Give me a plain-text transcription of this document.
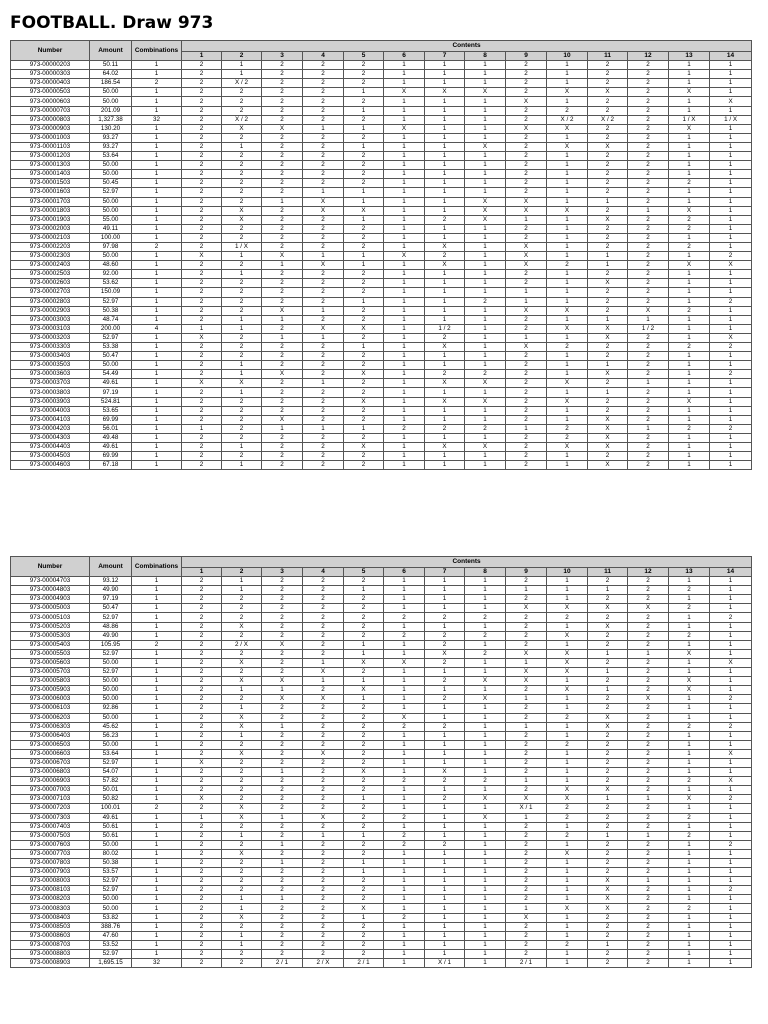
FOOTBALL. Draw 973
Number	Amount	Combinations	Contents													
			1	2	3	4	5	6	7	8	9	10	11	12	13	14
973-00000203	50.11	1	2	1	2	2	2	1	1	1	2	1	2	2	1	1
973-00000303	64.02	1	2	1	2	2	2	1	1	1	2	1	2	2	1	1
973-00000403	186.54	2	2	X / 2	2	2	2	1	1	1	2	1	2	2	1	1
973-00000503	50.00	1	2	2	2	2	1	X	X	X	2	X	X	2	X	1
973-00000603	50.00	1	2	2	2	2	2	1	1	1	X	1	2	2	1	X
973-00000703	201.09	1	2	2	2	2	1	1	1	1	2	2	2	2	1	1
973-00000803	1,327.38	32	2	X / 2	2	2	2	1	1	1	2	X / 2	X / 2	2	1 / X	1 / X
973-00000903	130.20	1	2	X	X	1	1	X	1	1	X	X	2	2	X	1
973-00001003	93.27	1	2	2	2	2	2	1	1	1	2	1	2	2	1	1
973-00001103	93.27	1	2	1	2	2	1	1	1	X	2	X	X	2	1	1
973-00001203	53.64	1	2	2	2	2	2	1	1	1	2	1	2	2	1	1
973-00001303	50.00	1	2	2	2	2	2	1	1	1	2	1	2	2	1	1
973-00001403	50.00	1	2	2	2	2	2	1	1	1	2	1	2	2	1	1
973-00001503	50.45	1	2	2	2	2	2	1	1	1	2	1	2	2	2	1
973-00001603	52.97	1	2	2	2	1	1	1	1	1	2	1	2	2	1	1
973-00001703	50.00	1	2	2	1	X	1	1	1	X	X	1	1	2	1	1
973-00001803	50.00	1	2	X	2	X	X	1	1	X	X	X	2	1	X	1
973-00001903	55.00	1	2	X	2	2	1	1	2	X	1	1	X	2	2	1
973-00002003	49.11	1	2	2	2	2	2	1	1	1	2	1	2	2	2	1
973-00002103	100.00	1	2	2	2	2	2	1	1	1	2	1	2	2	1	1
973-00002203	97.98	2	2	1 / X	2	2	2	1	X	1	X	1	2	2	2	1
973-00002303	50.00	1	X	1	X	1	1	X	2	1	X	1	1	2	1	2
973-00002403	48.60	1	2	2	1	X	1	1	X	1	X	2	1	2	X	X
973-00002503	92.00	1	2	1	2	2	2	1	1	1	2	1	2	2	1	1
973-00002603	53.62	1	2	2	2	2	2	1	1	1	2	1	X	2	1	1
973-00002703	150.09	1	2	2	2	2	2	1	1	1	1	1	2	2	1	1
973-00002803	52.97	1	2	2	2	2	1	1	1	2	1	1	2	2	1	2
973-00002903	50.38	1	2	2	X	1	2	1	1	1	X	X	2	X	2	1
973-00003003	48.74	1	2	1	1	2	2	1	1	1	2	1	1	1	1	1
973-00003103	200.00	4	1	1	2	X	X	1	1 / 2	1	2	X	X	1 / 2	1	1
973-00003203	52.97	1	X	2	1	1	2	1	2	1	1	1	X	2	1	X
973-00003303	53.38	1	2	2	2	2	1	1	X	1	X	2	2	2	2	2
973-00003403	50.47	1	2	2	2	2	2	1	1	1	2	1	2	2	1	1
973-00003503	50.00	1	2	1	2	2	2	1	1	1	2	1	1	2	1	1
973-00003603	54.49	1	2	1	X	2	X	1	2	2	2	1	X	2	1	2
973-00003703	49.61	1	X	X	2	1	2	1	X	X	2	X	2	1	1	1
973-00003803	97.19	1	2	1	2	2	2	1	1	1	2	1	1	2	1	1
973-00003903	524.81	1	2	2	2	2	X	1	X	X	2	X	2	2	X	1
973-00004003	53.65	1	2	2	2	2	2	1	1	1	2	1	2	2	1	1
973-00004103	69.99	1	2	2	X	2	2	1	1	1	2	1	X	2	1	1
973-00004203	56.01	1	1	2	1	1	1	2	2	2	1	2	X	1	2	2
973-00004303	49.48	1	2	2	2	2	2	1	1	1	2	2	X	2	1	1
973-00004403	49.61	1	2	1	2	2	X	1	X	X	2	X	X	2	1	1
973-00004503	69.99	1	2	2	2	2	2	1	1	1	2	1	2	2	1	1
973-00004603	67.18	1	2	1	2	2	2	1	1	1	2	1	X	2	1	1
Number	Amount	Combinations	Contents													
			1	2	3	4	5	6	7	8	9	10	11	12	13	14
973-00004703	93.12	1	2	1	2	2	2	1	1	1	2	1	2	2	1	1
973-00004803	49.90	1	2	1	2	2	1	1	1	1	1	1	1	2	2	1
973-00004903	97.19	1	2	2	2	2	2	1	1	1	2	1	2	2	1	1
973-00005003	50.47	1	2	2	2	2	2	1	1	1	X	X	X	X	2	1
973-00005103	52.97	1	2	2	2	2	2	2	2	2	2	2	2	2	1	2
973-00005203	48.86	1	2	X	2	2	2	1	1	1	2	1	X	2	1	1
973-00005303	49.90	1	2	2	2	2	2	2	2	2	2	X	2	2	2	1
973-00005403	105.95	2	2	2 / X	X	2	1	1	2	1	2	1	2	2	1	1
973-00005503	52.97	1	2	2	2	2	1	1	X	2	X	X	1	1	X	1
973-00005603	50.00	1	2	X	2	1	X	X	2	1	1	X	2	2	1	X
973-00005703	52.97	1	2	2	2	X	2	1	1	1	X	X	1	2	1	1
973-00005803	50.00	1	2	X	X	1	1	1	2	X	X	1	2	2	X	1
973-00005903	50.00	1	2	1	1	2	X	1	1	1	2	X	1	2	X	1
973-00006003	50.00	1	2	2	X	X	1	1	2	X	1	1	2	X	1	2
973-00006103	92.86	1	2	1	2	2	2	1	1	1	2	1	2	2	1	1
973-00006203	50.00	1	2	X	2	2	2	X	1	1	2	2	X	2	1	1
973-00006303	45.62	1	2	X	1	2	2	2	2	1	1	1	X	2	2	2
973-00006403	56.23	1	2	1	2	2	2	1	1	1	2	1	2	2	1	1
973-00006503	50.00	1	2	2	2	2	2	1	1	1	2	2	2	2	1	1
973-00006603	53.64	1	2	X	2	X	2	1	1	1	2	1	2	2	1	X
973-00006703	52.97	1	X	2	2	2	2	1	1	1	2	1	2	2	1	1
973-00006803	54.07	1	2	2	1	2	X	1	X	1	2	1	2	2	1	1
973-00006903	57.82	1	2	2	2	2	2	2	2	2	1	1	2	2	2	X
973-00007003	50.01	1	2	2	2	2	2	1	1	1	2	X	X	2	1	1
973-00007103	50.82	1	X	2	2	2	1	1	2	X	X	X	1	1	X	2
973-00007203	100.01	2	2	X	2	2	2	1	1	1	X / 1	2	2	2	1	1
973-00007303	49.61	1	1	X	1	X	2	2	1	X	1	2	2	2	2	1
973-00007403	50.61	1	2	2	2	2	2	1	1	1	2	1	2	2	1	1
973-00007503	50.61	1	2	1	2	1	1	2	1	1	2	2	1	1	2	1
973-00007603	50.00	1	2	2	1	2	2	2	2	1	2	1	2	2	1	2
973-00007703	80.02	1	2	X	2	2	2	1	1	1	2	X	2	2	1	1
973-00007803	50.38	1	2	2	1	2	1	1	1	1	2	1	2	2	1	1
973-00007903	53.57	1	2	2	2	2	1	1	1	1	2	1	2	2	1	1
973-00008003	52.97	1	2	2	2	2	2	1	1	1	2	1	X	1	1	1
973-00008103	52.97	1	2	2	2	2	2	1	1	1	2	1	X	2	1	2
973-00008203	50.00	1	2	1	1	2	2	1	1	1	2	1	X	2	1	1
973-00008303	50.00	1	2	1	2	2	X	1	1	1	1	X	X	2	2	1
973-00008403	53.82	1	2	X	2	2	1	2	1	1	X	1	2	2	1	1
973-00008503	388.76	1	2	2	2	2	2	1	1	1	2	1	2	2	1	1
973-00008603	47.60	1	2	1	2	2	2	1	1	1	2	1	2	2	1	1
973-00008703	53.52	1	2	1	2	2	2	1	1	1	2	2	1	2	1	1
973-00008803	52.97	1	2	2	2	2	2	1	1	1	2	1	2	2	1	1
973-00008903	1,695.15	32	2	2	2 / 1	2 / X	2 / 1	1	X / 1	1	2 / 1	1	2	2	1	1
